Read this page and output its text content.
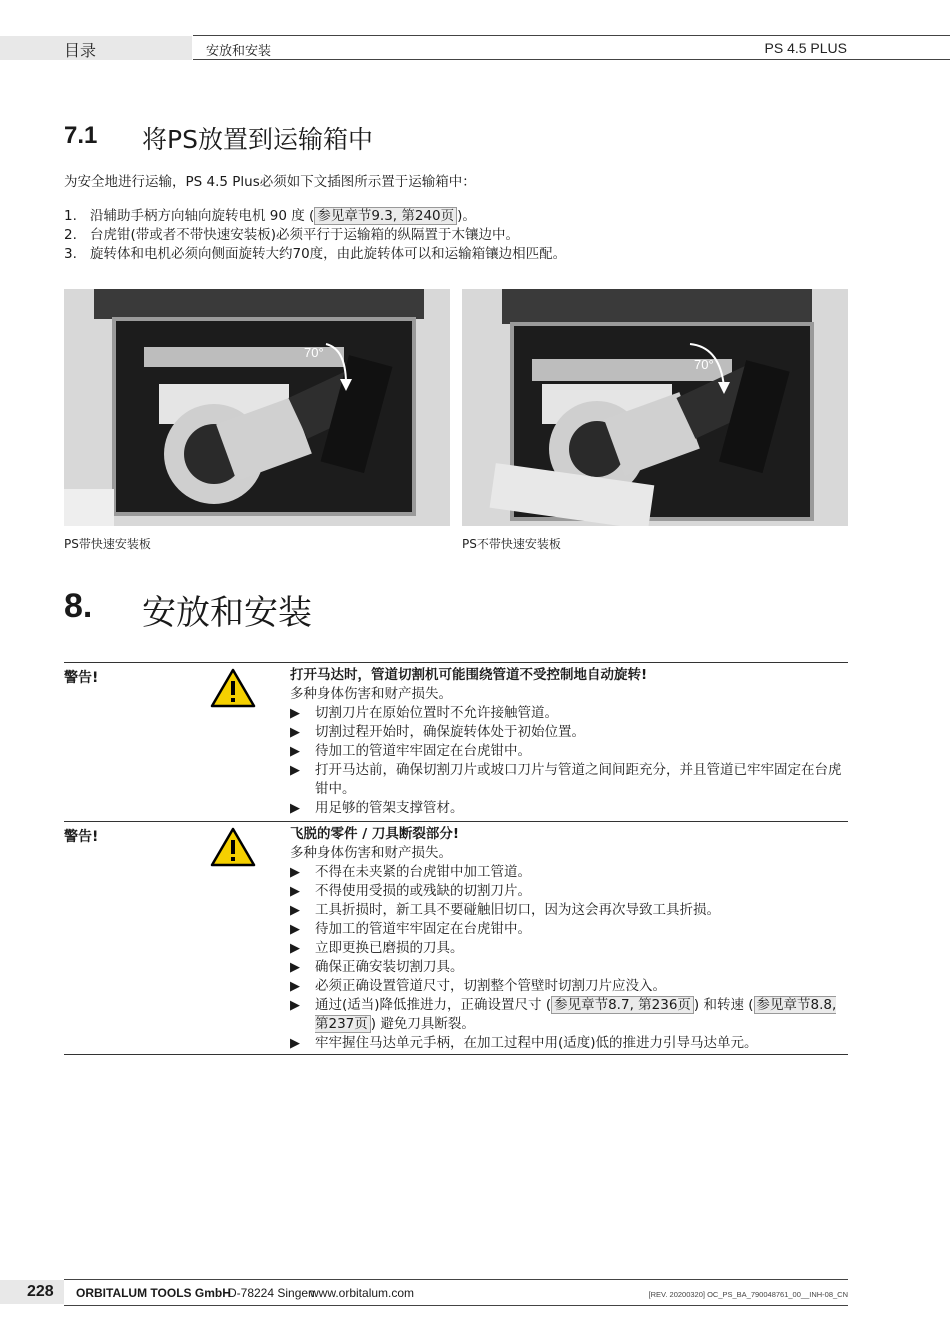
目录	安放和安装	PS 4.5 PLUS
7.1 将PS放置到运输箱中
为安全地进行运输，PS 4.5 Plus必须如下文插图所示置于运输箱中：
1. 沿辅助手柄方向轴向旋转电机 90 度 ( 参见章节9.3, 第240页 )。
2. 台虎钳(带或者不带快速安装板)必须平行于运输箱的纵隔置于木镶边中。
3. 旋转体和电机必须向侧面旋转大约70度，由此旋转体可以和运输箱镶边相匹配。
70°
70°
PS带快速安装板	PS不带快速安装板
8. 安放和安装
警告!	打开马达时，管道切割机可能围绕管道不受控制地自动旋转!
多种身体伤害和财产损失。
▶	切割刀片在原始位置时不允许接触管道。
▶	切割过程开始时，确保旋转体处于初始位置。
▶	待加工的管道牢牢固定在台虎钳中。
▶	打开马达前，确保切割刀片或坡口刀片与管道之间间距充分，并且管道已牢牢固定在台虎钳中。
▶	用足够的管架支撑管材。
警告!	飞脱的零件 / 刀具断裂部分!
多种身体伤害和财产损失。
▶	不得在未夹紧的台虎钳中加工管道。
▶	不得使用受损的或残缺的切割刀片。
▶	工具折损时，新工具不要碰触旧切口，因为这会再次导致工具折损。
▶	待加工的管道牢牢固定在台虎钳中。
▶	立即更换已磨损的刀具。
▶	确保正确安装切割刀具。
▶	必须正确设置管道尺寸，切割整个管壁时切割刀片应没入。
▶	通过(适当)降低推进力，正确设置尺寸 ( 参见章节8.7, 第236页 ) 和转速 ( 参见章节8.8, 第237页 ) 避免刀具断裂。
▶	牢牢握住马达单元手柄，在加工过程中用(适度)低的推进力引导马达单元。
228 ORBITALUM TOOLS GmbH
D-78224 Singen
www.orbitalum.com	[REV. 20200320] OC_PS_BA_790048761_00__INH-08_CN
